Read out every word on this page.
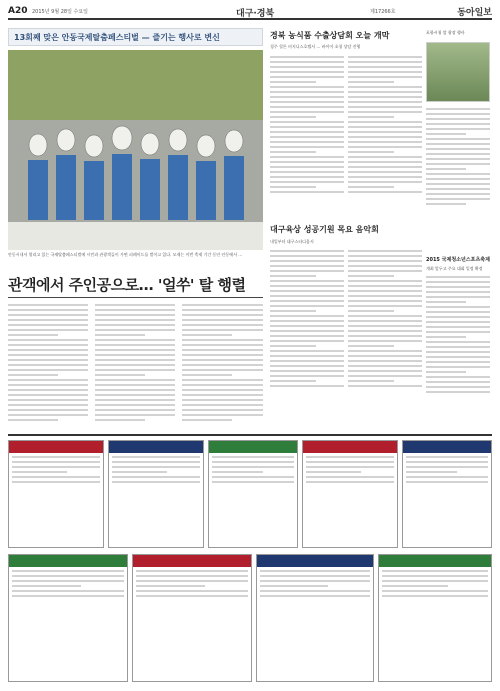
A20 2015년 9월 28일 수요일	대구·경북	제17266호	동아일보
13회째 맞은 안동국제탈춤페스티벌 — 즐기는 행사로 변신
안동시내서 열리고 있는 국제탈춤페스티벌에 시민과 관광객들이 가면 퍼레이드를 벌이고 있다. 모제는 이번 축제 기간 동안 안동에서 …
관객에서 주인공으로… '얼쑤' 탈 행렬
경북 농식품 수출상담회 오늘 개막
경주 힐튼 비지니스호텔서 … 바이어 초청 상담 진행
포항시청 앞 광장 행사
대구육상 성공기원 목요 음악회
내일부터 대구스타디움서
2015 국제청소년스포츠축제
개최 앞두고 주요 대회 일정 확정
